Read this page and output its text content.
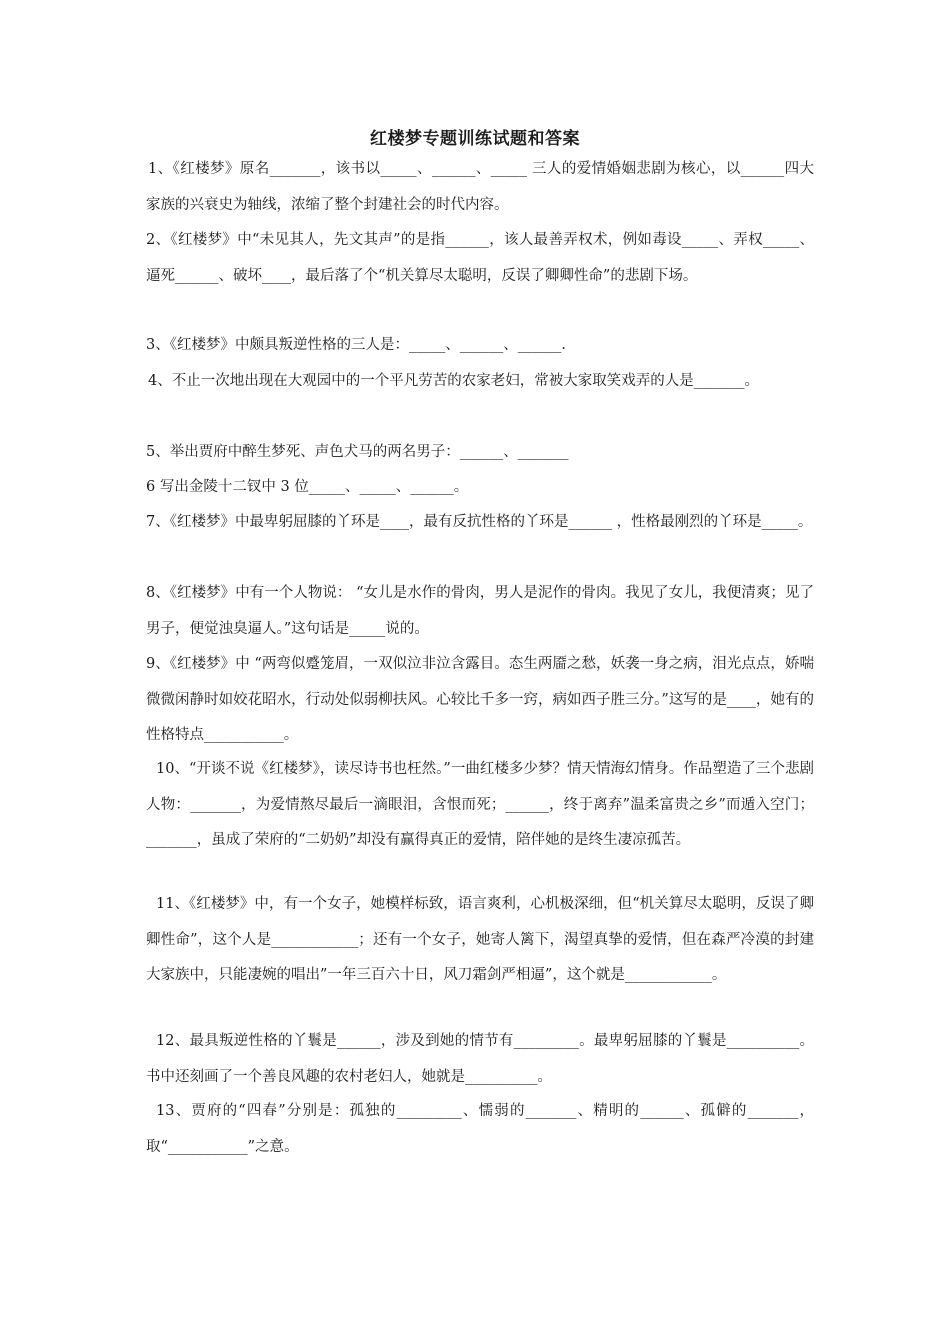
红楼梦专题训练试题和答案

1、《红楼梦》原名_______，该书以_____、______、_____ 三人的爱情婚姻悲剧为核心，以______四大家族的兴衰史为轴线，浓缩了整个封建社会的时代内容。

2、《红楼梦》中“未见其人，先文其声”的是指______，该人最善弄权术，例如毒设_____、弄权_____、逼死______、破坏____，最后落了个“机关算尽太聪明，反误了卿卿性命”的悲剧下场。

3、《红楼梦》中颇具叛逆性格的三人是：_____、______、______.

4、不止一次地出现在大观园中的一个平凡劳苦的农家老妇，常被大家取笑戏弄的人是_______。

5、举出贾府中醉生梦死、声色犬马的两名男子：______、_______

6 写出金陵十二钗中 3 位_____、_____、______。

7、《红楼梦》中最卑躬屈膝的丫环是____，最有反抗性格的丫环是______ ，性格最刚烈的丫环是_____。

8、《红楼梦》中有一个人物说： “女儿是水作的骨肉，男人是泥作的骨肉。我见了女儿，我便清爽；见了男子，便觉浊臭逼人。”这句话是_____说的。

9、《红楼梦》中 “两弯似蹙笼眉，一双似泣非泣含露目。态生两靥之愁，妖袭一身之病，泪光点点，娇喘微微闲静时如姣花昭水，行动处似弱柳扶风。心较比千多一窍，病如西子胜三分。”这写的是____，她有的性格特点___________。

10、“开谈不说《红楼梦》，读尽诗书也枉然。”一曲红楼多少梦？情天情海幻情身。作品塑造了三个悲剧人物：_______，为爱情熬尽最后一滴眼泪，含恨而死；______，终于离弃”温柔富贵之乡”而遁入空门；_______，虽成了荣府的“二奶奶”却没有赢得真正的爱情，陪伴她的是终生凄凉孤苦。

11、《红楼梦》中，有一个女子，她模样标致，语言爽利，心机极深细，但“机关算尽太聪明，反误了卿卿性命”，这个人是____________；还有一个女子，她寄人篱下，渴望真挚的爱情，但在森严冷漠的封建大家族中，只能凄婉的唱出”一年三百六十日，风刀霜剑严相逼”，这个就是____________。

12、最具叛逆性格的丫鬟是______，涉及到她的情节有_________。最卑躬屈膝的丫鬟是__________。书中还刻画了一个善良风趣的农村老妇人，她就是__________。

13、贾府的“四春”分别是：孤独的_________、懦弱的_______、精明的______、孤僻的_______，取“___________”之意。
